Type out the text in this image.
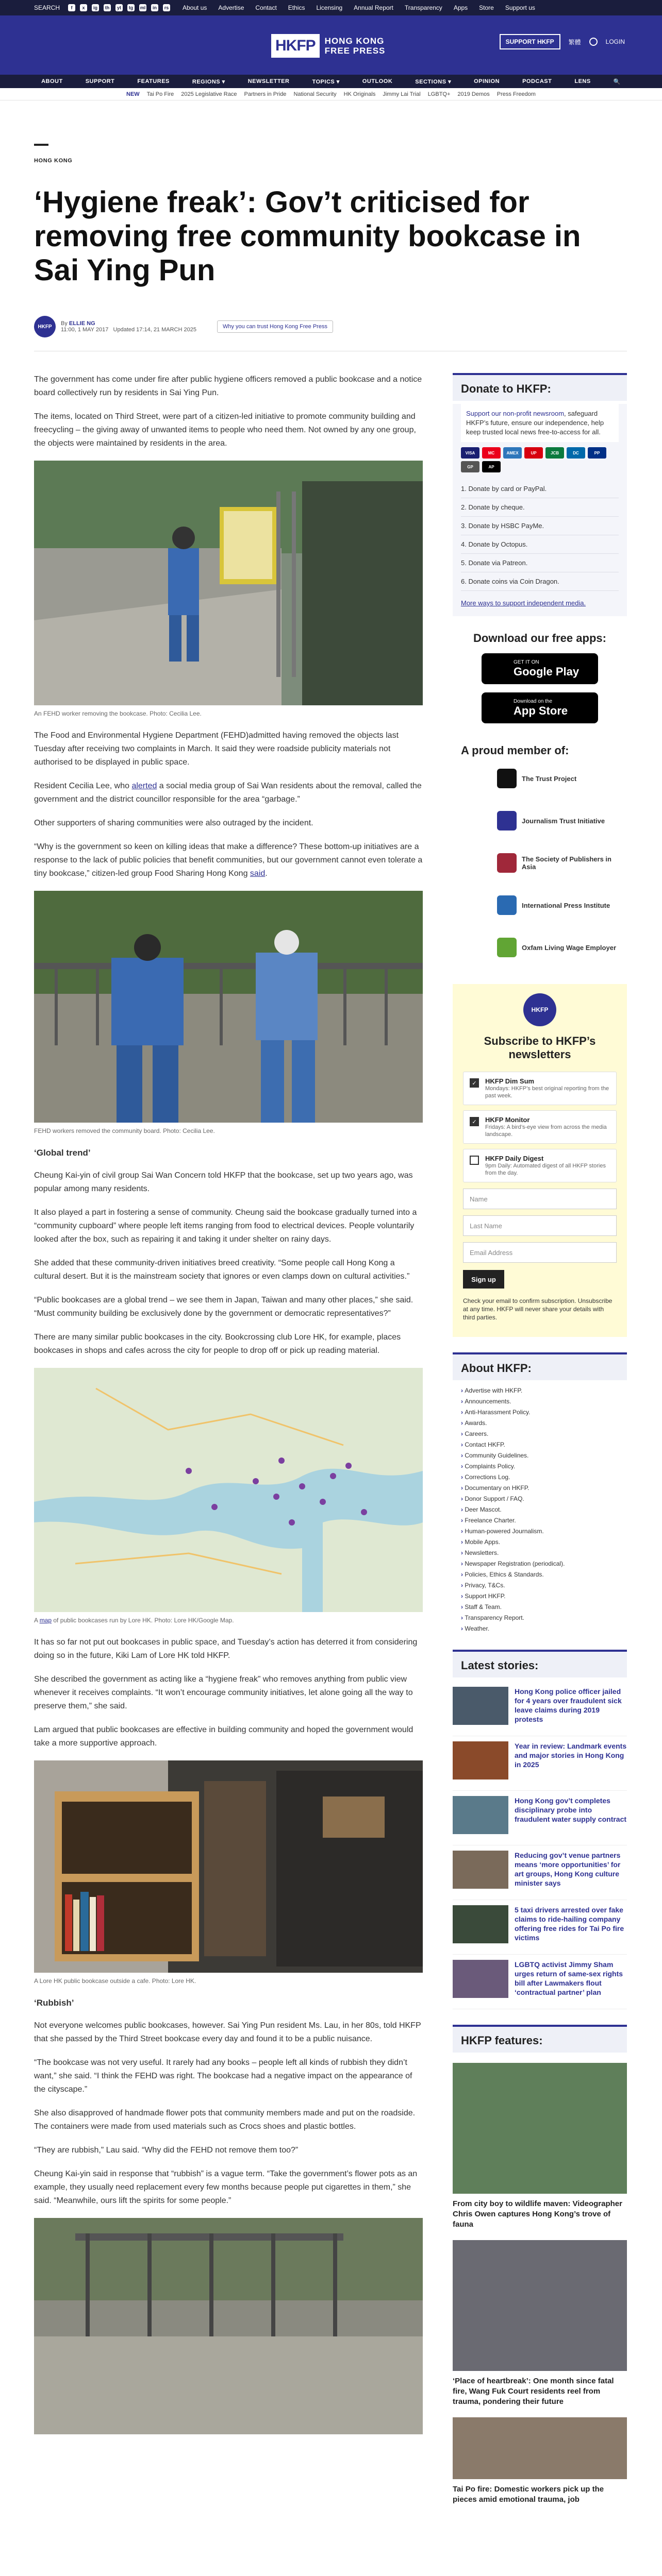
SEARCH	f	x	ig	th	yt	tg	ml	in	rs About us Advertise Contact Ethics Licensing Annual Report Transparency Apps Store Support us
HKFP	HONG KONG
FREE PRESS
SUPPORT HKFP	繁體	LOGIN
ABOUT	SUPPORT	FEATURES	REGIONS ▾	NEWSLETTER	TOPICS ▾	OUTLOOK	SECTIONS ▾	OPINION	PODCAST	LENS	🔍
NEW Tai Po Fire 2025 Legislative Race Partners in Pride National Security HK Originals Jimmy Lai Trial LGBTQ+ 2019 Demos Press Freedom
HONG KONG
‘Hygiene freak’: Gov’t criticised for removing free community bookcase in Sai Ying Pun
HKFP	By ELLIE NG
11:00, 1 MAY 2017 Updated 17:14, 21 MARCH 2025	Why you can trust Hong Kong Free Press

The government has come under fire after public hygiene officers removed a public bookcase and a notice board collectively run by residents in Sai Ying Pun.

The items, located on Third Street, were part of a citizen-led initiative to promote community building and freecycling – the giving away of unwanted items to people who need them. Not owned by any one group, the objects were maintained by residents in the area.

An FEHD worker removing the bookcase. Photo: Cecilia Lee.

The Food and Environmental Hygiene Department (FEHD)admitted having removed the objects last Tuesday after receiving two complaints in March. It said they were roadside publicity materials not authorised to be displayed in public space.

Resident Cecilia Lee, who alerted a social media group of Sai Wan residents about the removal, called the government and the district councillor responsible for the area “garbage.”

Other supporters of sharing communities were also outraged by the incident.

“Why is the government so keen on killing ideas that make a difference? These bottom-up initiatives are a response to the lack of public policies that benefit communities, but our government cannot even tolerate a tiny bookcase,” citizen-led group Food Sharing Hong Kong said.

FEHD workers removed the community board. Photo: Cecilia Lee.
‘Global trend’

Cheung Kai-yin of civil group Sai Wan Concern told HKFP that the bookcase, set up two years ago, was popular among many residents.

It also played a part in fostering a sense of community. Cheung said the bookcase gradually turned into a “community cupboard” where people left items ranging from food to electrical devices. People voluntarily looked after the box, such as repairing it and taking it under shelter on rainy days.

She added that these community-driven initiatives breed creativity. “Some people call Hong Kong a cultural desert. But it is the mainstream society that ignores or even clamps down on cultural activities.”

“Public bookcases are a global trend – we see them in Japan, Taiwan and many other places,” she said. “Must community building be exclusively done by the government or democratic representatives?”

There are many similar public bookcases in the city. Bookcrossing club Lore HK, for example, places bookcases in shops and cafes across the city for people to drop off or pick up reading material.

A map of public bookcases run by Lore HK. Photo: Lore HK/Google Map.

It has so far not put out bookcases in public space, and Tuesday’s action has deterred it from considering doing so in the future, Kiki Lam of Lore HK told HKFP.

She described the government as acting like a “hygiene freak” who removes anything from public view whenever it receives complaints. “It won’t encourage community initiatives, let alone going all the way to preserve them,” she said.

Lam argued that public bookcases are effective in building community and hoped the government would take a more supportive approach.

A Lore HK public bookcase outside a cafe. Photo: Lore HK.
‘Rubbish’

Not everyone welcomes public bookcases, however. Sai Ying Pun resident Ms. Lau, in her 80s, told HKFP that she passed by the Third Street bookcase every day and found it to be a public nuisance.

“The bookcase was not very useful. It rarely had any books – people left all kinds of rubbish they didn’t want,” she said. “I think the FEHD was right. The bookcase had a negative impact on the appearance of the cityscape.”

She also disapproved of handmade flower pots that community members made and put on the roadside. The containers were made from used materials such as Crocs shoes and plastic bottles.

“They are rubbish,” Lau said. “Why did the FEHD not remove them too?”

Cheung Kai-yin said in response that “rubbish” is a vague term. “Take the government’s flower pots as an example, they usually need replacement every few months because people put cigarettes in them,” she said. “Meanwhile, ours lift the spirits for some people.”

Donate to HKFP:
Support our non-profit newsroom, safeguard HKFP’s future, ensure our independence, help keep trusted local news free-to-access for all.
VISA	MC	AMEX	UP	JCB	DC	PP
GP	AP
1. Donate by card or PayPal.
2. Donate by cheque.
3. Donate by HSBC PayMe.
4. Donate by Octopus.
5. Donate via Patreon.
6. Donate coins via Coin Dragon.
More ways to support independent media.
Download our free apps:
GET IT ON
Google Play
Download on the
App Store
A proud member of:
The Trust Project
Journalism Trust Initiative
The Society of Publishers in Asia
International Press Institute
Oxfam Living Wage Employer
HKFP
Subscribe to HKFP’s newsletters
✓	HKFP Dim Sum
Mondays: HKFP’s best original reporting from the past week.
✓	HKFP Monitor
Fridays: A bird’s-eye view from across the media landscape.
HKFP Daily Digest
9pm Daily: Automated digest of all HKFP stories from the day.
Name
Last Name
Email Address
Sign up
Check your email to confirm subscription. Unsubscribe at any time. HKFP will never share your details with third parties.
About HKFP:
› Advertise with HKFP.
› Announcements.
› Anti-Harassment Policy.
› Awards.
› Careers.
› Contact HKFP.
› Community Guidelines.
› Complaints Policy.
› Corrections Log.
› Documentary on HKFP.
› Donor Support / FAQ.
› Deer Mascot.
› Freelance Charter.
› Human-powered Journalism.
› Mobile Apps.
› Newsletters.
› Newspaper Registration (periodical).
› Policies, Ethics & Standards.
› Privacy, T&Cs.
› Support HKFP.
› Staff & Team.
› Transparency Report.
› Weather.
Latest stories:
Hong Kong police officer jailed for 4 years over fraudulent sick leave claims during 2019 protests
Year in review: Landmark events and major stories in Hong Kong in 2025
Hong Kong gov’t completes disciplinary probe into fraudulent water supply contract
Reducing gov’t venue partners means ‘more opportunities’ for art groups, Hong Kong culture minister says
5 taxi drivers arrested over fake claims to ride-hailing company offering free rides for Tai Po fire victims
LGBTQ activist Jimmy Sham urges return of same-sex rights bill after Lawmakers flout ‘contractual partner’ plan
HKFP features:
From city boy to wildlife maven: Videographer Chris Owen captures Hong Kong’s trove of fauna
‘Place of heartbreak’: One month since fatal fire, Wang Fuk Court residents reel from trauma, pondering their future
Tai Po fire: Domestic workers pick up the pieces amid emotional trauma, job
